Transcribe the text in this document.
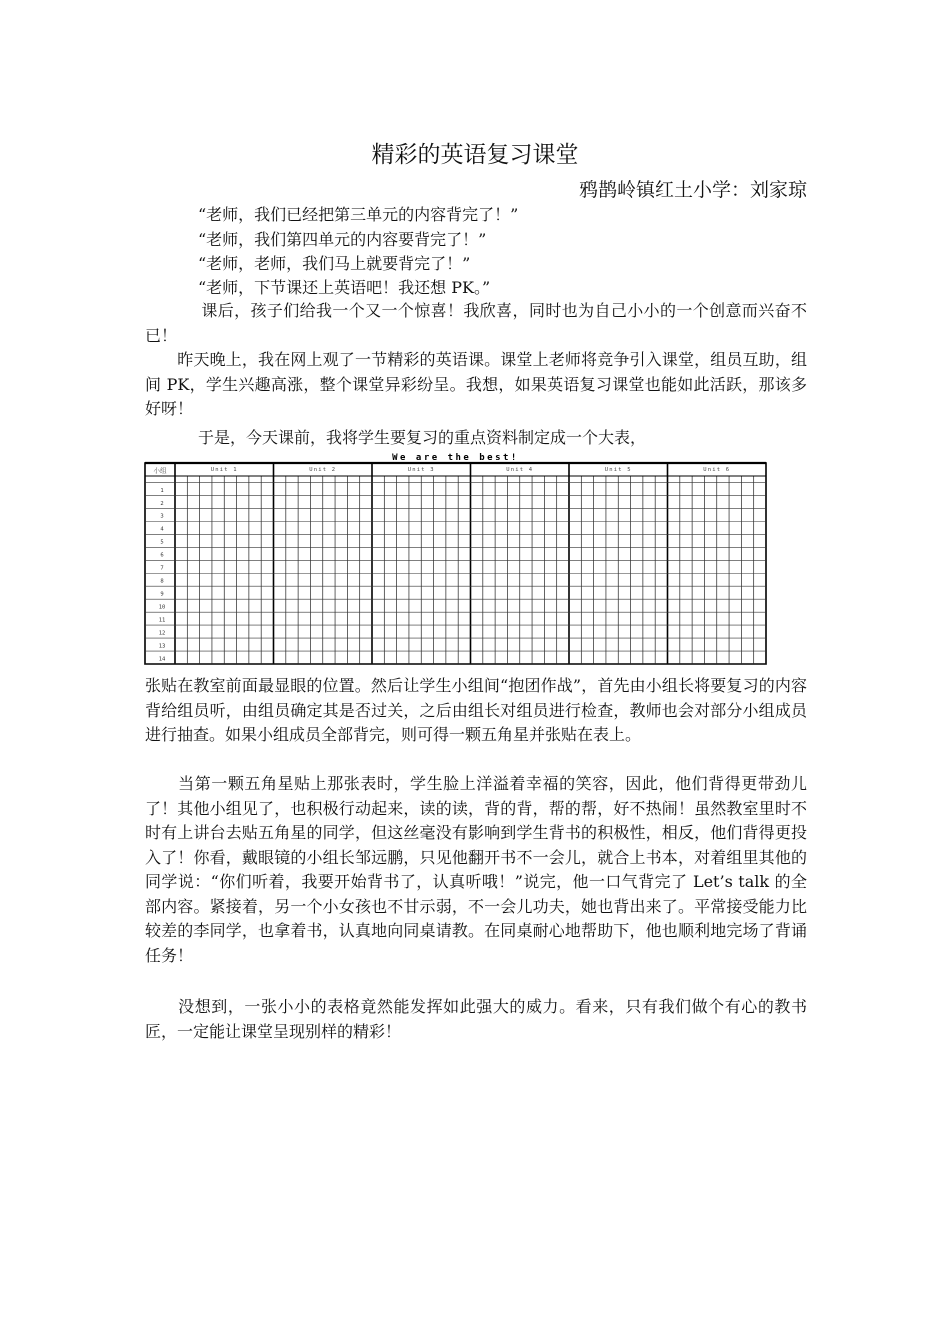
精彩的英语复习课堂
鸦鹊岭镇红土小学：刘家琼
“老师，我们已经把第三单元的内容背完了！”
“老师，我们第四单元的内容要背完了！”
“老师，老师，我们马上就要背完了！”
“老师，下节课还上英语吧！我还想 PK。”

　课后，孩子们给我一个又一个惊喜！我欣喜，同时也为自己小小的一个创意而兴奋不已！

　　昨天晚上，我在网上观了一节精彩的英语课。课堂上老师将竞争引入课堂，组员互助，组间 PK，学生兴趣高涨，整个课堂异彩纷呈。我想，如果英语复习课堂也能如此活跃，那该多好呀！

于是，今天课前，我将学生要复习的重点资料制定成一个大表，
We are the best!
小组	Unit 1	Unit 2	Unit 3	Unit 4	Unit 5	Unit 6
1
2
3
4
5
6
7
8
9
10
11
12
13
14

张贴在教室前面最显眼的位置。然后让学生小组间“抱团作战”，首先由小组长将要复习的内容背给组员听，由组员确定其是否过关，之后由组长对组员进行检查，教师也会对部分小组成员进行抽查。如果小组成员全部背完，则可得一颗五角星并张贴在表上。

　　当第一颗五角星贴上那张表时，学生脸上洋溢着幸福的笑容，因此，他们背得更带劲儿了！其他小组见了，也积极行动起来，读的读，背的背，帮的帮，好不热闹！虽然教室里时不时有上讲台去贴五角星的同学，但这丝毫没有影响到学生背书的积极性，相反，他们背得更投入了！你看，戴眼镜的小组长邹远鹏，只见他翻开书不一会儿，就合上书本，对着组里其他的同学说：“你们听着，我要开始背书了，认真听哦！”说完，他一口气背完了 Let’s talk 的全部内容。紧接着，另一个小女孩也不甘示弱，不一会儿功夫，她也背出来了。平常接受能力比较差的李同学，也拿着书，认真地向同桌请教。在同桌耐心地帮助下，他也顺利地完场了背诵任务！

　　没想到，一张小小的表格竟然能发挥如此强大的威力。看来，只有我们做个有心的教书匠，一定能让课堂呈现别样的精彩！
